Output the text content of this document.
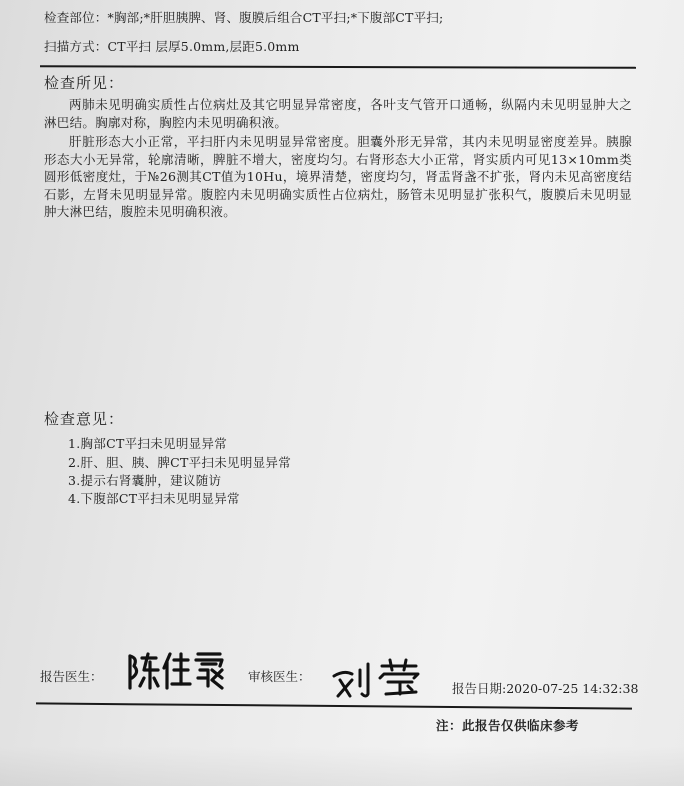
检查部位：*胸部;*肝胆胰脾、肾、腹膜后组合CT平扫;*下腹部CT平扫;
扫描方式：CT平扫 层厚5.0mm,层距5.0mm
检查所见：
两肺未见明确实质性占位病灶及其它明显异常密度，各叶支气管开口通畅，纵隔内未见明显肿大之淋巴结。胸廓对称，胸腔内未见明确积液。
肝脏形态大小正常，平扫肝内未见明显异常密度。胆囊外形无异常，其内未见明显密度差异。胰腺形态大小无异常，轮廓清晰，脾脏不增大，密度均匀。右肾形态大小正常，肾实质内可见13×10mm类圆形低密度灶，于№26测其CT值为10Hu，境界清楚，密度均匀，肾盂肾盏不扩张，肾内未见高密度结石影，左肾未见明显异常。腹腔内未见明确实质性占位病灶，肠管未见明显扩张积气，腹膜后未见明显肿大淋巴结，腹腔未见明确积液。
检查意见：
1.胸部CT平扫未见明显异常
2.肝、胆、胰、脾CT平扫未见明显异常
3.提示右肾囊肿，建议随访
4.下腹部CT平扫未见明显异常
报告医生：	审核医生：
报告日期:2020-07-25 14:32:38
注：此报告仅供临床参考
